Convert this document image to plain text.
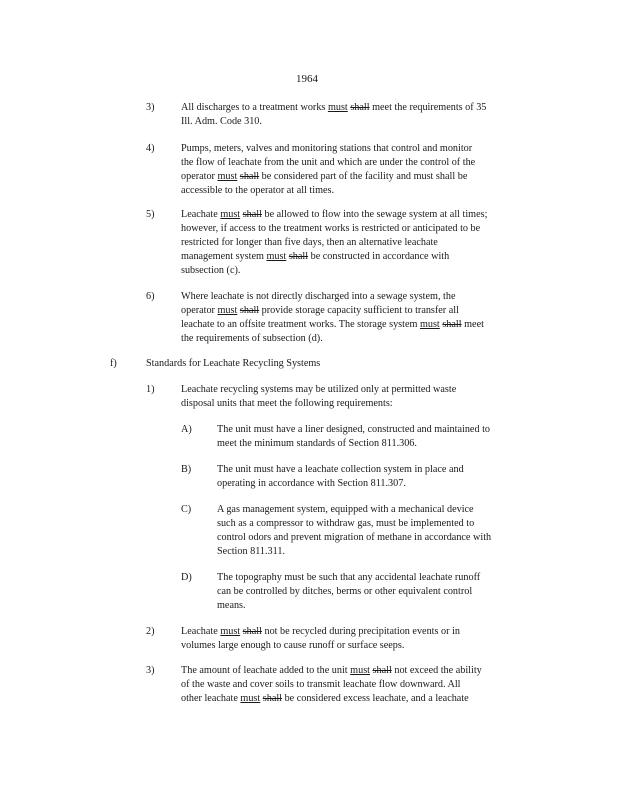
1964
3)	All discharges to a treatment works must shall meet the requirements of 35
Ill. Adm. Code 310.
4)	Pumps, meters, valves and monitoring stations that control and monitor
the flow of leachate from the unit and which are under the control of the
operator must shall be considered part of the facility and must shall be
accessible to the operator at all times.
5)	Leachate must shall be allowed to flow into the sewage system at all times;
however, if access to the treatment works is restricted or anticipated to be
restricted for longer than five days, then an alternative leachate
management system must shall be constructed in accordance with
subsection (c).
6)	Where leachate is not directly discharged into a sewage system, the
operator must shall provide storage capacity sufficient to transfer all
leachate to an offsite treatment works. The storage system must shall meet
the requirements of subsection (d).
f)	Standards for Leachate Recycling Systems
1)	Leachate recycling systems may be utilized only at permitted waste
disposal units that meet the following requirements:
A) The unit must have a liner designed, constructed and maintained to
meet the minimum standards of Section 811.306.
B)	The unit must have a leachate collection system in place and
operating in accordance with Section 811.307.
C)	A gas management system, equipped with a mechanical device
such as a compressor to withdraw gas, must be implemented to
control odors and prevent migration of methane in accordance with
Section 811.311.
D) The topography must be such that any accidental leachate runoff
can be controlled by ditches, berms or other equivalent control
means.
2)	Leachate must shall not be recycled during precipitation events or in
volumes large enough to cause runoff or surface seeps.
3)	The amount of leachate added to the unit must shall not exceed the ability
of the waste and cover soils to transmit leachate flow downward. All
other leachate must shall be considered excess leachate, and a leachate
